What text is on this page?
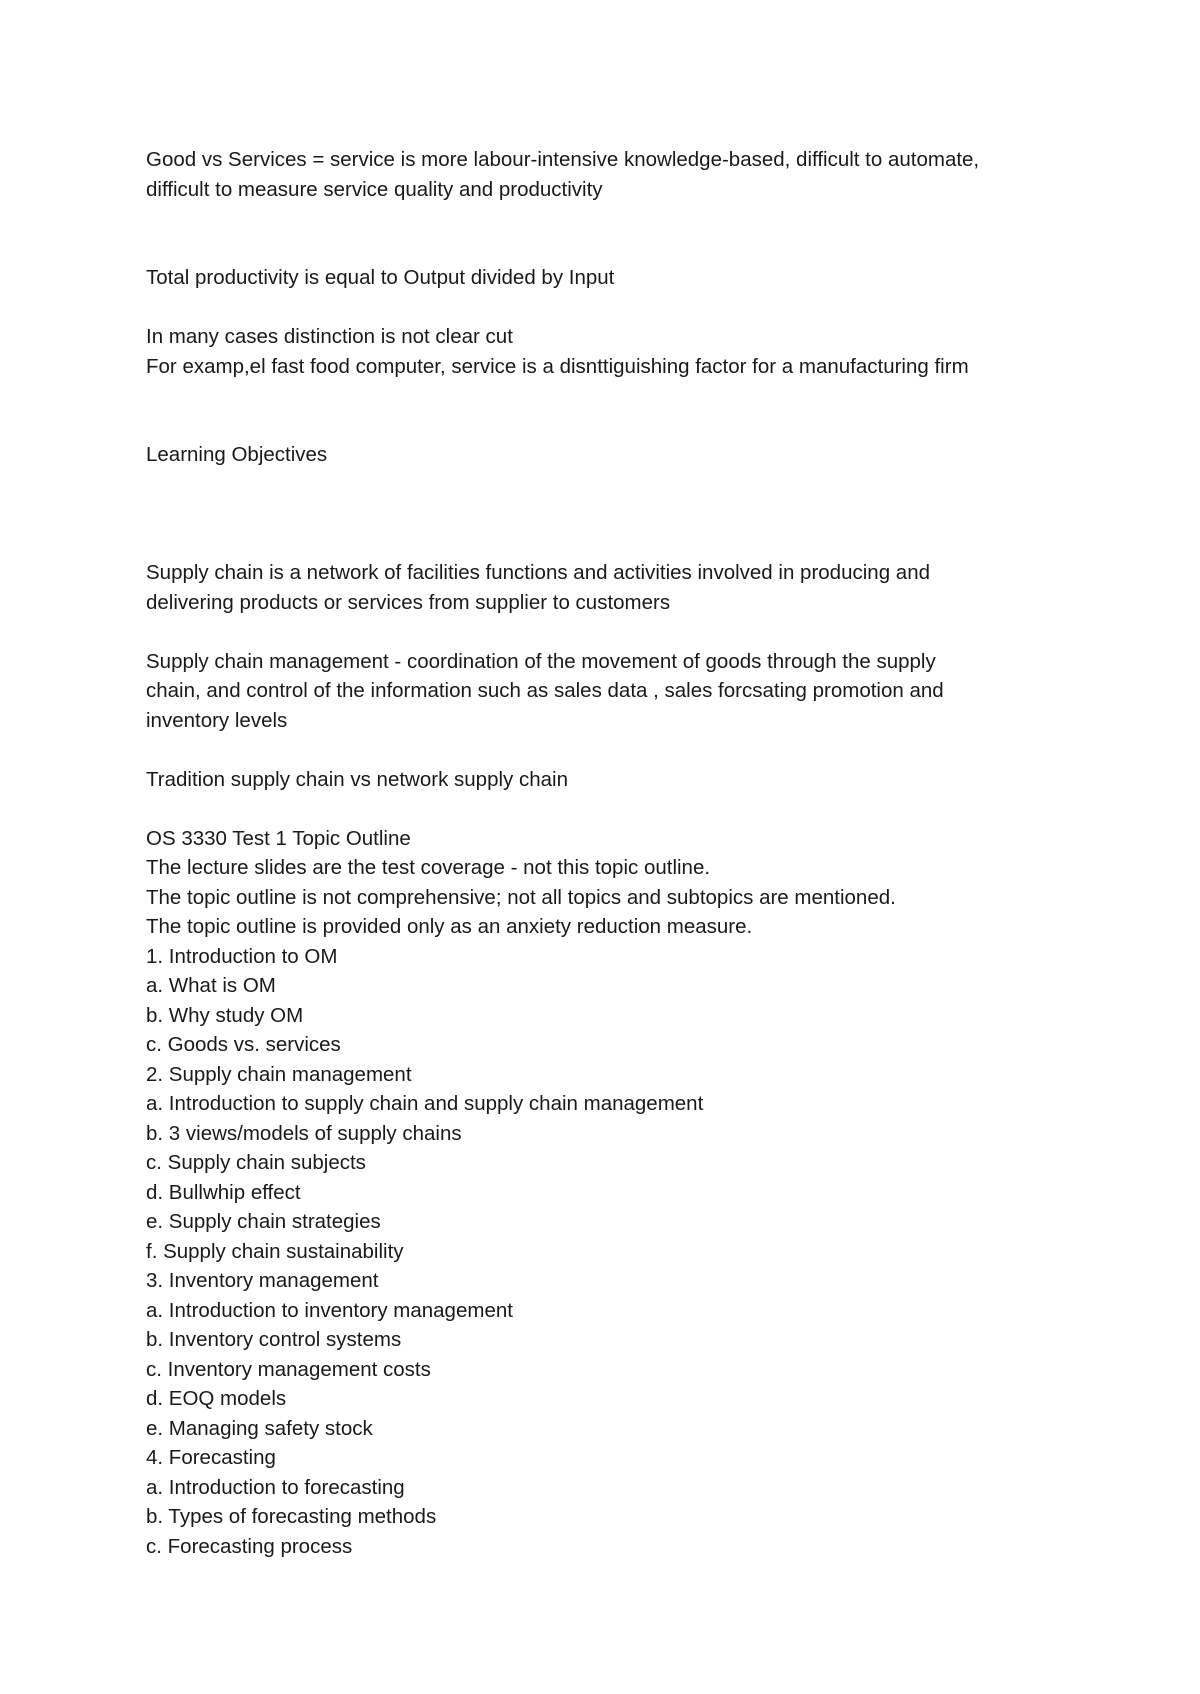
Good vs Services = service is more labour-intensive knowledge-based, difficult to automate,

difficult to measure service quality and productivity

Total productivity is equal to Output divided by Input

In many cases distinction is not clear cut

For examp,el fast food computer, service is a disnttiguishing factor for a manufacturing firm

Learning Objectives

Supply chain is a network of facilities functions and activities involved in producing and

delivering products or services from supplier to customers

Supply chain management - coordination of the movement of goods through the supply

chain, and control of the information such as sales data , sales forcsating promotion and

inventory levels

Tradition supply chain vs network supply chain

OS 3330 Test 1 Topic Outline

The lecture slides are the test coverage - not this topic outline.

The topic outline is not comprehensive; not all topics and subtopics are mentioned.

The topic outline is provided only as an anxiety reduction measure.

1. Introduction to OM

a. What is OM

b. Why study OM

c. Goods vs. services

2. Supply chain management

a. Introduction to supply chain and supply chain management

b. 3 views/models of supply chains

c. Supply chain subjects

d. Bullwhip effect

e. Supply chain strategies

f. Supply chain sustainability

3. Inventory management

a. Introduction to inventory management

b. Inventory control systems

c. Inventory management costs

d. EOQ models

e. Managing safety stock

4. Forecasting

a. Introduction to forecasting

b. Types of forecasting methods

c. Forecasting process
